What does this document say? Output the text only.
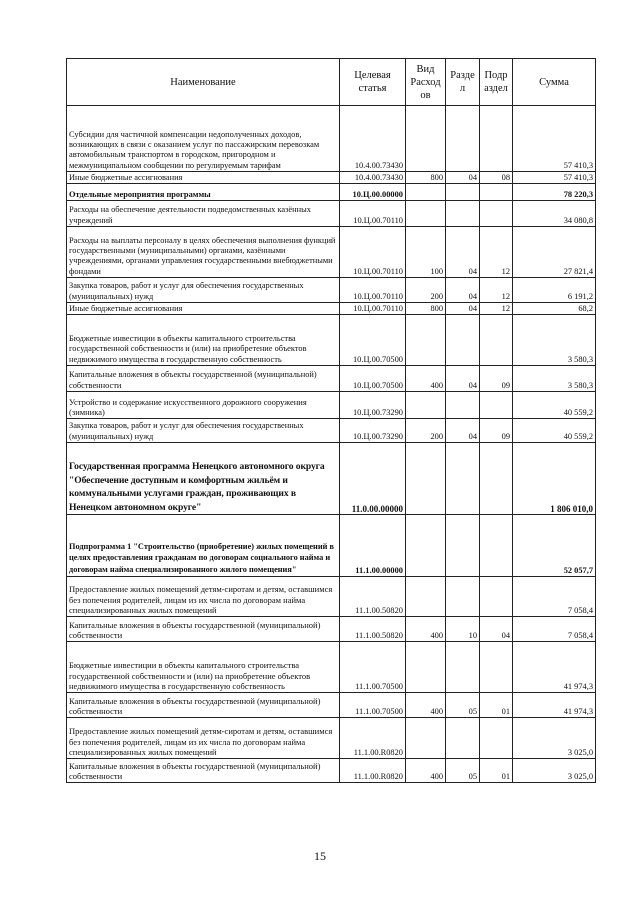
Наименование	Целевая статья	Вид Расход ов	Разде л	Подр аздел	Сумма
Субсидии для частичной компенсации недополученных доходов, возникающих в связи с оказанием услуг по пассажирским перевозкам автомобильным транспортом в городском, пригородном и межмуниципальном сообщении по регулируемым тарифам	10.4.00.73430				57 410,3
Иные бюджетные ассигнования	10.4.00.73430	800	04	08	57 410,3
Отдельные мероприятия программы	10.Ц.00.00000				78 220,3
Расходы на обеспечение деятельности подведомственных казённых учреждений	10.Ц.00.70110				34 080,8
Расходы на выплаты персоналу в целях обеспечения выполнения функций государственными (муниципальными) органами, казёнными учреждениями, органами управления государственными внебюджетными фондами	10.Ц.00.70110	100	04	12	27 821,4
Закупка товаров, работ и услуг для обеспечения государственных (муниципальных) нужд	10.Ц.00.70110	200	04	12	6 191,2
Иные бюджетные ассигнования	10.Ц.00.70110	800	04	12	68,2
Бюджетные инвестиции в объекты капитального строительства государственной собственности и (или) на приобретение объектов недвижимого имущества в государственную собственность	10.Ц.00.70500				3 580,3
Капитальные вложения в объекты государственной (муниципальной) собственности	10.Ц.00.70500	400	04	09	3 580,3
Устройство и содержание искусственного дорожного сооружения (зимника)	10.Ц.00.73290				40 559,2
Закупка товаров, работ и услуг для обеспечения государственных (муниципальных) нужд	10.Ц.00.73290	200	04	09	40 559,2
Государственная программа Ненецкого автономного округа "Обеспечение доступным и комфортным жильём и коммунальными услугами граждан, проживающих в Ненецком автономном округе"	11.0.00.00000				1 806 010,0
Подпрограмма 1 "Строительство (приобретение) жилых помещений в целях предоставления гражданам по договорам социального найма и договорам найма специализированного жилого помещения"	11.1.00.00000				52 057,7
Предоставление жилых помещений детям-сиротам и детям, оставшимся без попечения родителей, лицам из их числа по договорам найма специализированных жилых помещений	11.1.00.50820				7 058,4
Капитальные вложения в объекты государственной (муниципальной) собственности	11.1.00.50820	400	10	04	7 058,4
Бюджетные инвестиции в объекты капитального строительства государственной собственности и (или) на приобретение объектов недвижимого имущества в государственную собственность	11.1.00.70500				41 974,3
Капитальные вложения в объекты государственной (муниципальной) собственности	11.1.00.70500	400	05	01	41 974,3
Предоставление жилых помещений детям-сиротам и детям, оставшимся без попечения родителей, лицам из их числа по договорам найма специализированных жилых помещений	11.1.00.R0820				3 025,0
Капитальные вложения в объекты государственной (муниципальной) собственности	11.1.00.R0820	400	05	01	3 025,0
15
